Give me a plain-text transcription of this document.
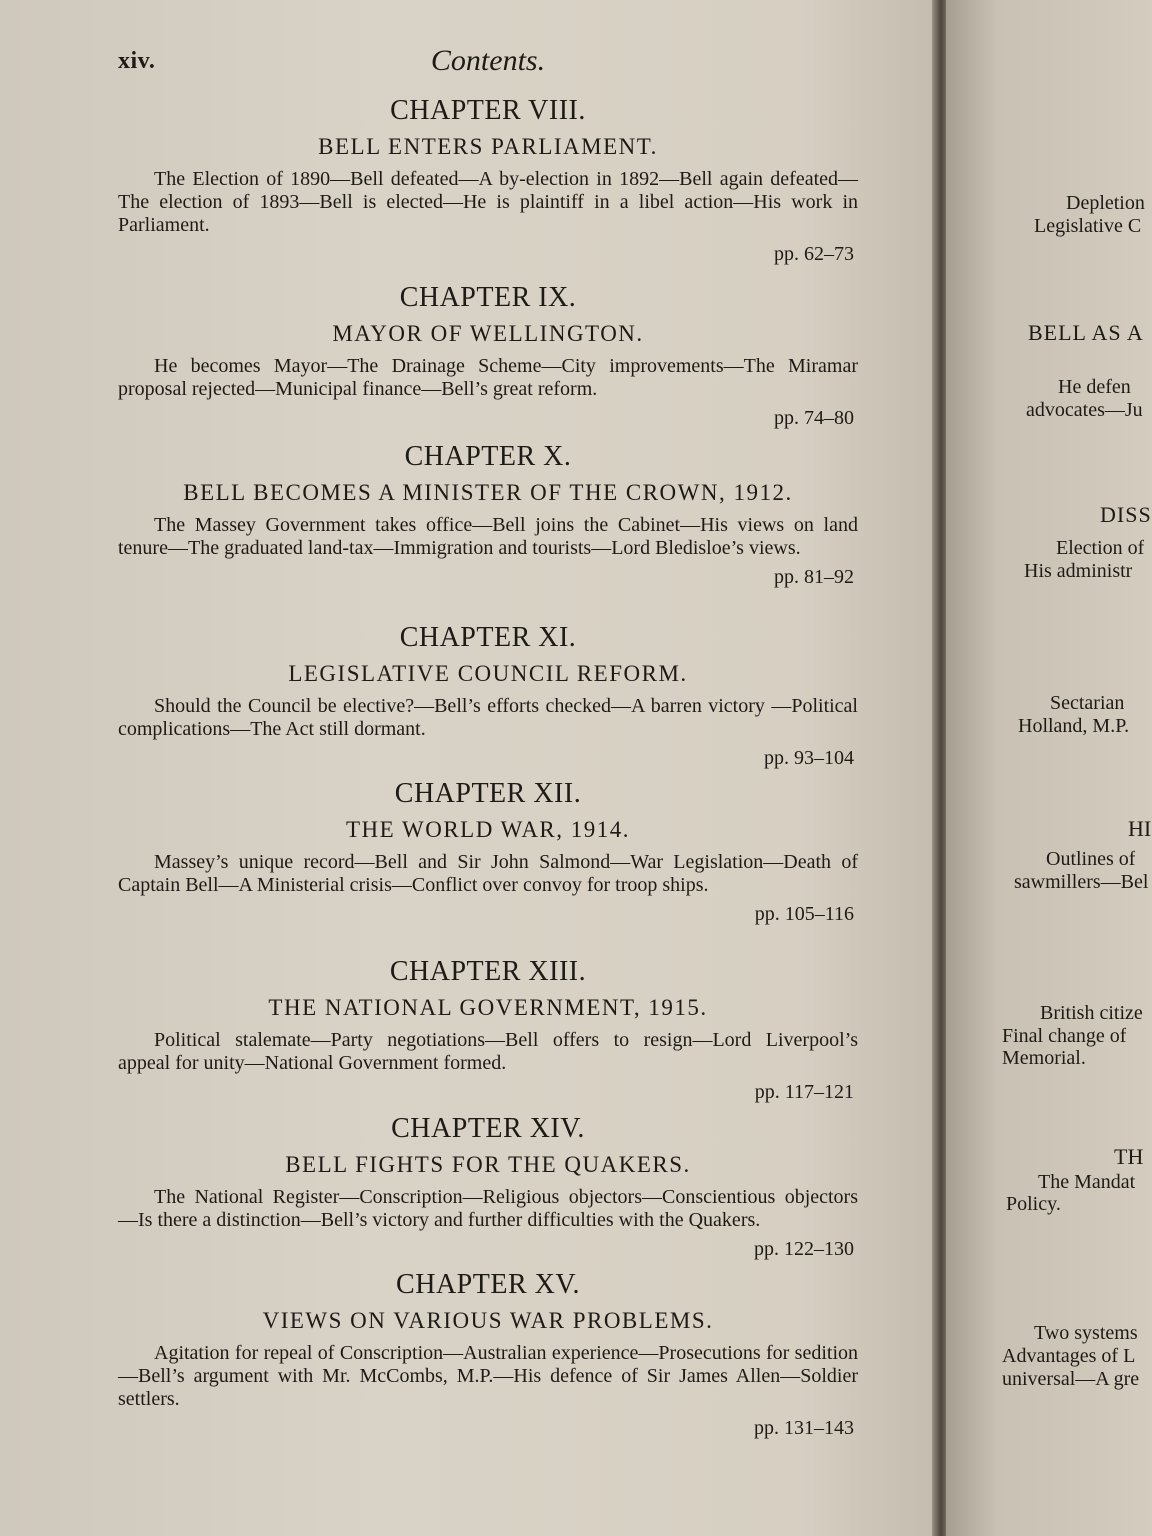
xiv.	Contents.
CHAPTER VIII.
BELL ENTERS PARLIAMENT.
The Election of 1890—Bell defeated—A by-election in 1892—Bell again defeated—The election of 1893—Bell is elected—He is plaintiff in a libel action—His work in Parliament.
pp. 62–73
CHAPTER IX.
MAYOR OF WELLINGTON.
He becomes Mayor—The Drainage Scheme—City improvements—The Miramar proposal rejected—Municipal finance—Bell’s great reform.
pp. 74–80
CHAPTER X.
BELL BECOMES A MINISTER OF THE CROWN, 1912.
The Massey Government takes office—Bell joins the Cabinet—His views on land tenure—The graduated land-tax—Immigration and tourists—Lord Bledisloe’s views.
pp. 81–92
CHAPTER XI.
LEGISLATIVE COUNCIL REFORM.
Should the Council be elective?—Bell’s efforts checked—A barren victory —Political complications—The Act still dormant.
pp. 93–104
CHAPTER XII.
THE WORLD WAR, 1914.
Massey’s unique record—Bell and Sir John Salmond—War Legislation—Death of Captain Bell—A Ministerial crisis—Conflict over convoy for troop ships.
pp. 105–116
CHAPTER XIII.
THE NATIONAL GOVERNMENT, 1915.
Political stalemate—Party negotiations—Bell offers to resign—Lord Liverpool’s appeal for unity—National Government formed.
pp. 117–121
CHAPTER XIV.
BELL FIGHTS FOR THE QUAKERS.
The National Register—Conscription—Religious objectors—Conscientious objectors—Is there a distinction—Bell’s victory and further difficulties with the Quakers.
pp. 122–130
CHAPTER XV.
VIEWS ON VARIOUS WAR PROBLEMS.
Agitation for repeal of Conscription—Australian experience—Prosecutions for sedition—Bell’s argument with Mr. McCombs, M.P.—His defence of Sir James Allen—Soldier settlers.
pp. 131–143
Depletion
Legislative C
BELL AS A
He defen
advocates—Ju
DISS
Election of
His administr
Sectarian
Holland, M.P.
HI
Outlines of
sawmillers—Bel
British citize
Final change of
Memorial.
TH
The Mandat
Policy.
Two systems
Advantages of L
universal—A gre
